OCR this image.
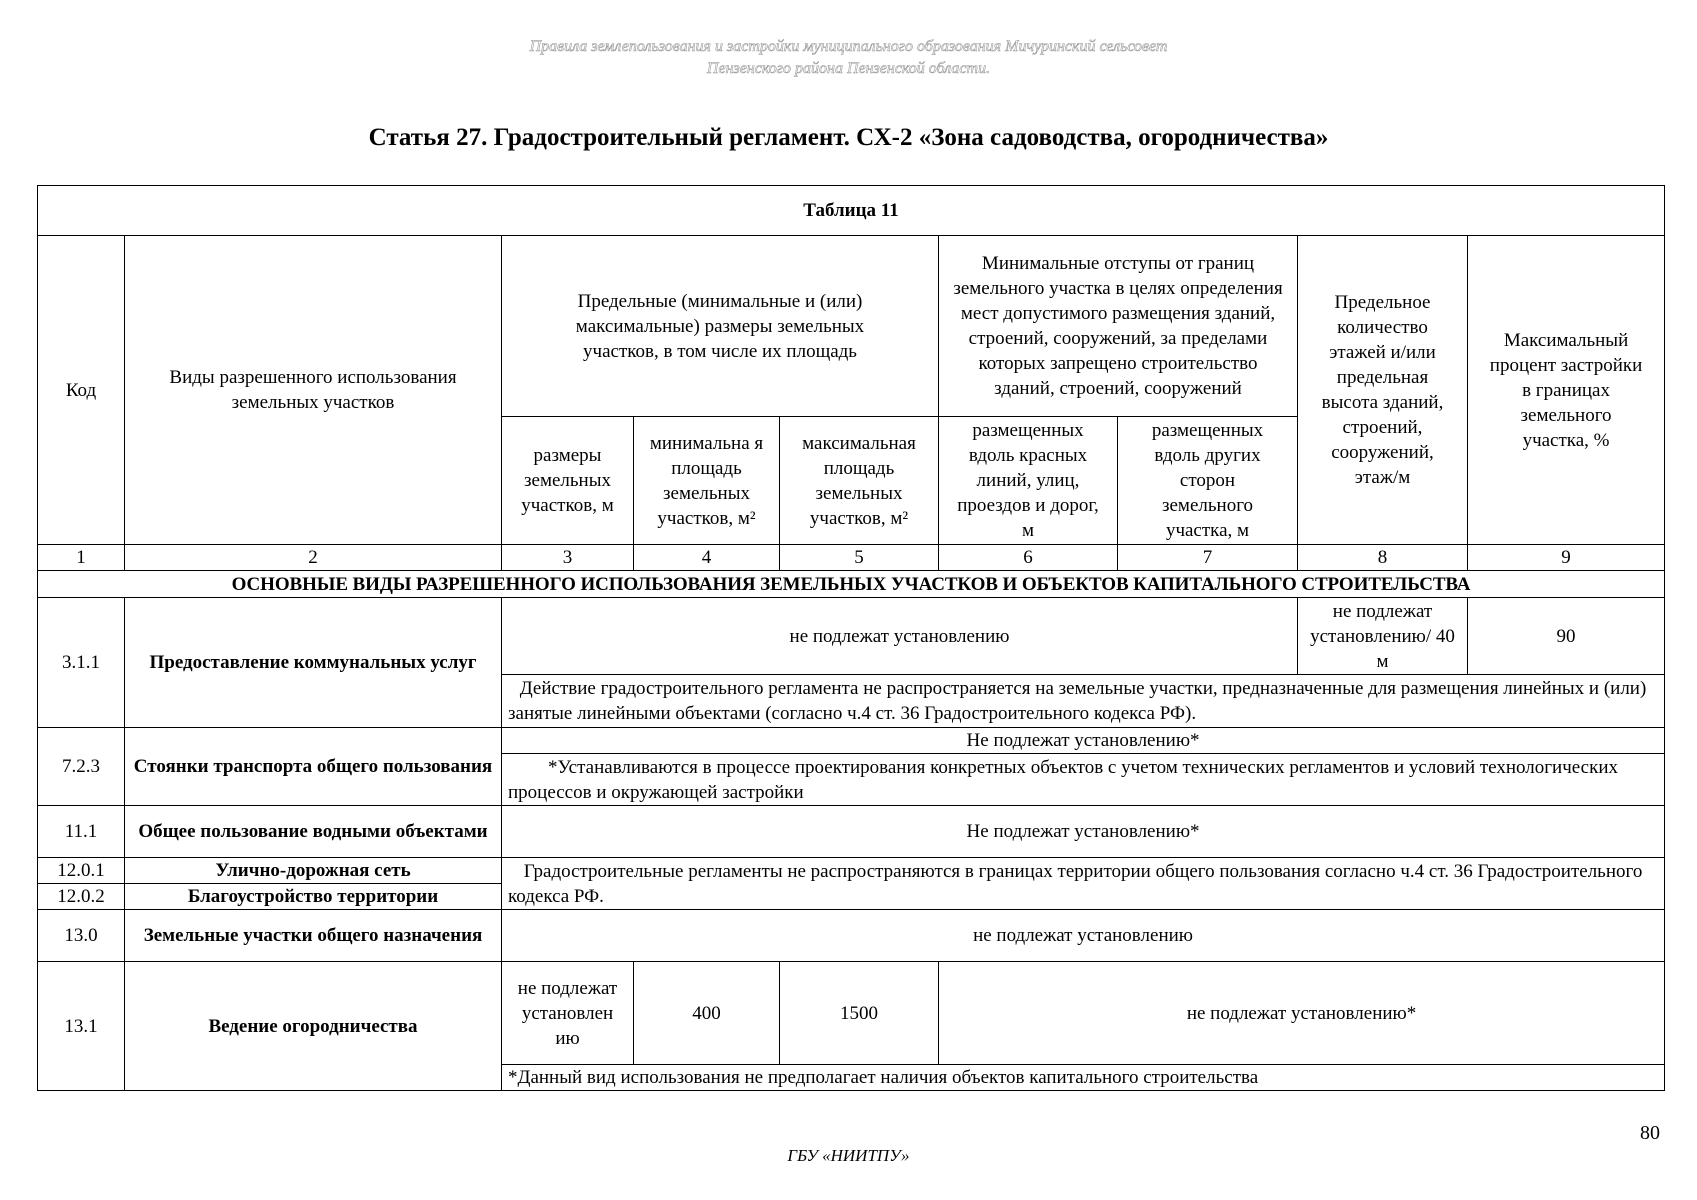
Правила землепользования и застройки муниципального образования Мичуринский сельсовет
Пензенского района Пензенской области.
Статья 27. Градостроительный регламент. СХ-2 «Зона садоводства, огородничества»
Таблица 11								
Код	Виды разрешенного использования земельных участков	Предельные (минимальные и (или) максимальные) размеры земельных участков, в том числе их площадь			Минимальные отступы от границ земельного участка в целях определения мест допустимого размещения зданий, строений, сооружений, за пределами которых запрещено строительство зданий, строений, сооружений		Предельное количество этажей и/или предельная высота зданий, строений, сооружений, этаж/м	Максимальный процент застройки в границах земельного участка, %
		размеры земельных участков, м	минимальна я площадь земельных участков, м²	максимальная площадь земельных участков, м²	размещенных вдоль красных линий, улиц, проездов и дорог, м	размещенных вдоль других сторон земельного участка, м		
1	2	3	4	5	6	7	8	9
ОСНОВНЫЕ ВИДЫ РАЗРЕШЕННОГО ИСПОЛЬЗОВАНИЯ ЗЕМЕЛЬНЫХ УЧАСТКОВ И ОБЪЕКТОВ КАПИТАЛЬНОГО СТРОИТЕЛЬСТВА								
3.1.1	Предоставление коммунальных услуг	не подлежат установлению					не подлежат установлению/ 40 м	90
		Действие градостроительного регламента не распространяется на земельные участки, предназначенные для размещения линейных и (или) занятые линейными объектами (согласно ч.4 ст. 36 Градостроительного кодекса РФ).						
7.2.3	Стоянки транспорта общего пользования	Не подлежат установлению*						
		*Устанавливаются в процессе проектирования конкретных объектов с учетом технических регламентов и условий технологических процессов и окружающей застройки						
11.1	Общее пользование водными объектами	Не подлежат установлению*						
12.0.1	Улично-дорожная сеть	Градостроительные регламенты не распространяются в границах территории общего пользования согласно ч.4 ст. 36 Градостроительного кодекса РФ.						
12.0.2	Благоустройство территории							
13.0	Земельные участки общего назначения	не подлежат установлению						
13.1	Ведение огородничества	не подлежат установлен ию	400	1500	не подлежат установлению*			
		*Данный вид использования не предполагает наличия объектов капитального строительства						
80
ГБУ «НИИТПУ»
